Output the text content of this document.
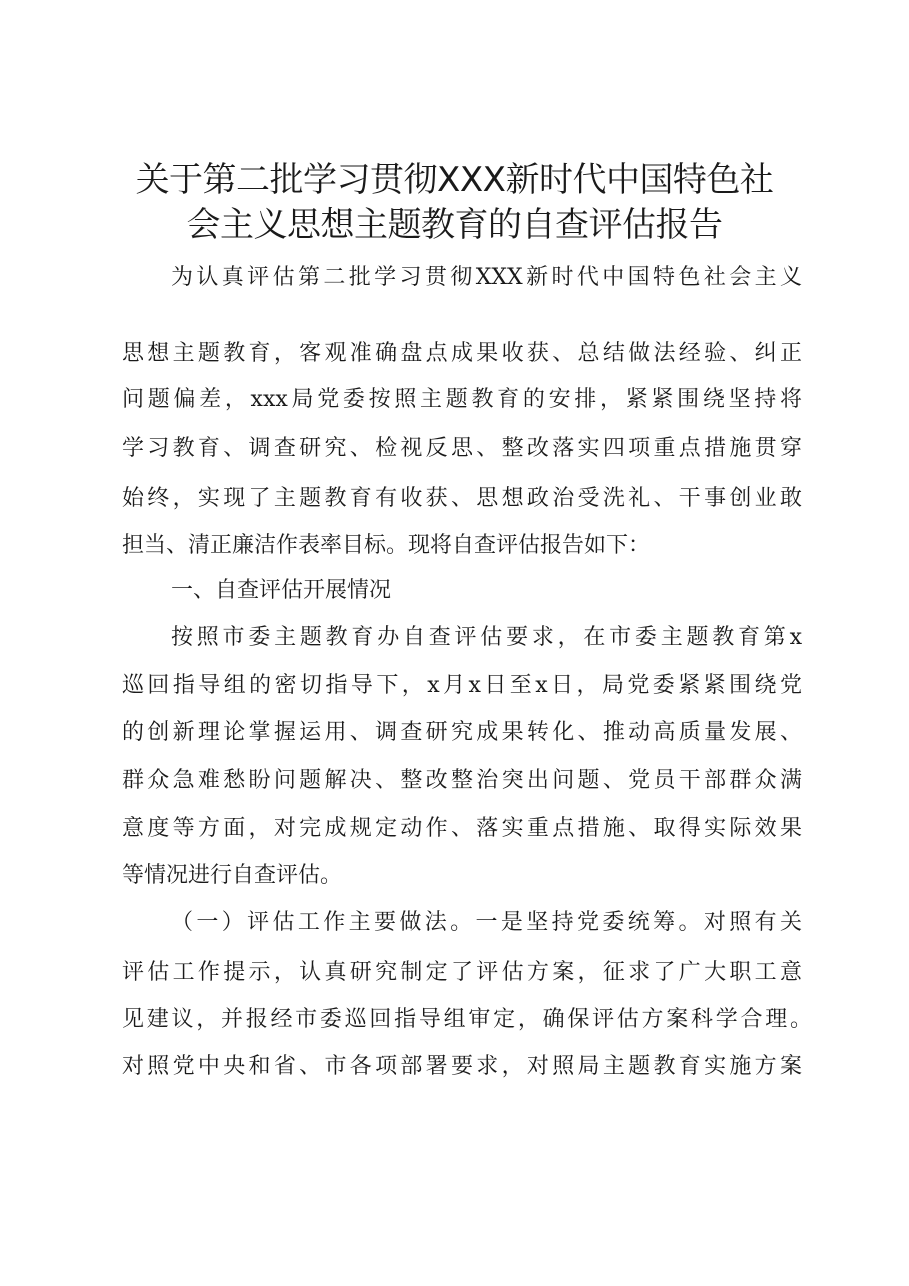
关于第二批学习贯彻XXX新时代中国特色社
会主义思想主题教育的自查评估报告
为认真评估第二批学习贯彻XXX新时代中国特色社会主义
思想主题教育，客观准确盘点成果收获、总结做法经验、纠正
问题偏差，xxx局党委按照主题教育的安排，紧紧围绕坚持将
学习教育、调查研究、检视反思、整改落实四项重点措施贯穿
始终，实现了主题教育有收获、思想政治受洗礼、干事创业敢
担当、清正廉洁作表率目标。现将自查评估报告如下：
一、自查评估开展情况
按照市委主题教育办自查评估要求，在市委主题教育第x
巡回指导组的密切指导下，x月x日至x日，局党委紧紧围绕党
的创新理论掌握运用、调查研究成果转化、推动高质量发展、
群众急难愁盼问题解决、整改整治突出问题、党员干部群众满
意度等方面，对完成规定动作、落实重点措施、取得实际效果
等情况进行自查评估。
（一）评估工作主要做法。一是坚持党委统筹。对照有关
评估工作提示，认真研究制定了评估方案，征求了广大职工意
见建议，并报经市委巡回指导组审定，确保评估方案科学合理。
对照党中央和省、市各项部署要求，对照局主题教育实施方案
